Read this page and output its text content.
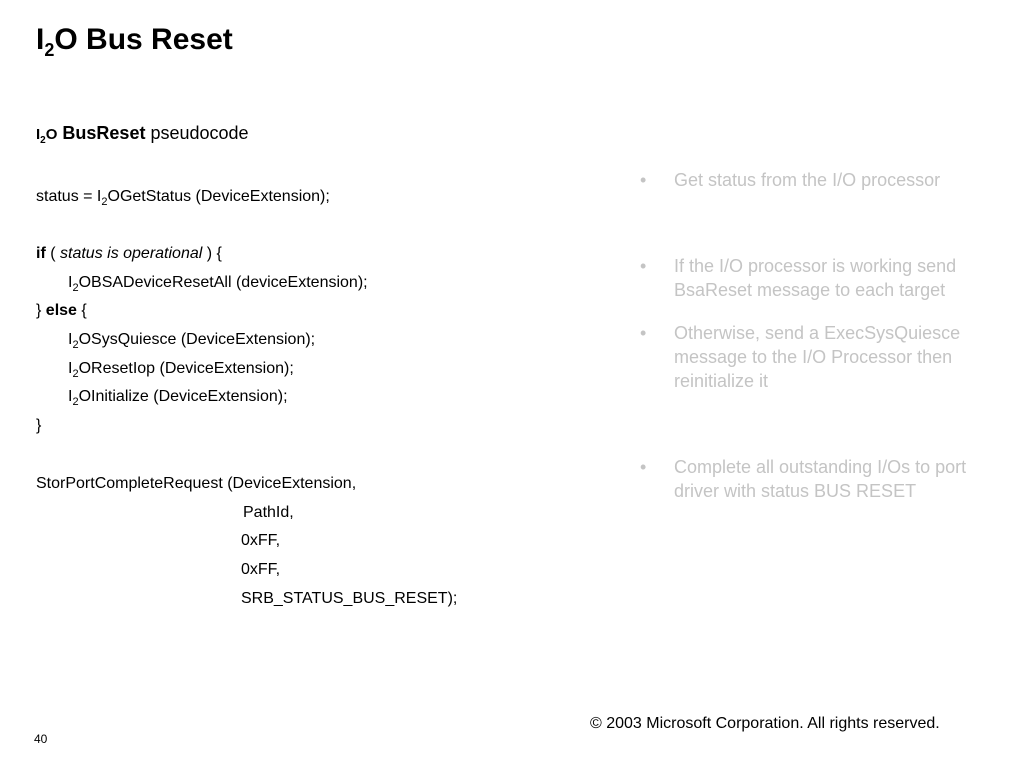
$I_2O$ Bus Reset
$I_2O$ BusReset pseudocode
status = $I_2OGetStatus$ (DeviceExtension);
if ( status is operational ) {
$I_2OBSADeviceResetAll$ (deviceExtension);
} else {
$I_2OSysQuiesce$ (DeviceExtension);
$I_2OResetIop$ (DeviceExtension);
$I_2OInitialize$ (DeviceExtension);
}
StorPortCompleteRequest (DeviceExtension,
PathId,
0xFF,
0xFF,
SRB_STATUS_BUS_RESET);
•	Get status from the I/O processor
•	If the I/O processor is working send BsaReset message to each target
•	Otherwise, send a ExecSysQuiesce message to the I/O Processor then reinitialize it
•	Complete all outstanding I/Os to port driver with status BUS RESET
© 2003 Microsoft Corporation. All rights reserved.
40
